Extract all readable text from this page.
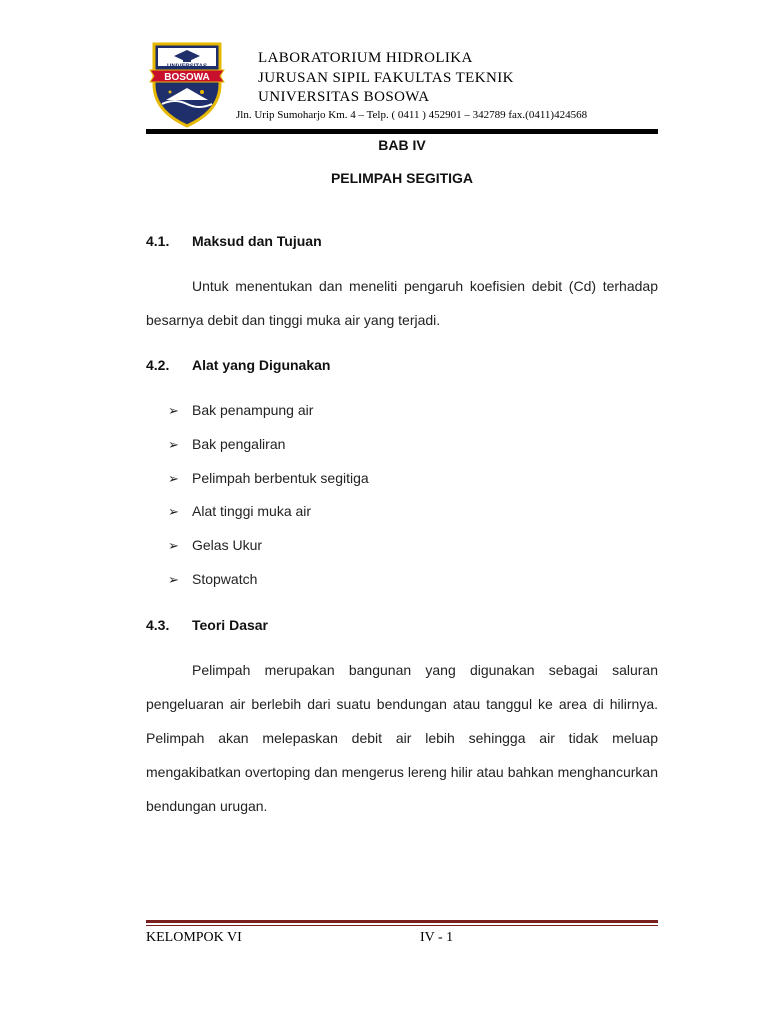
BOSOWA
UNIVERSITAS
LABORATORIUM HIDROLIKA
JURUSAN SIPIL FAKULTAS TEKNIK
UNIVERSITAS BOSOWA
Jln. Urip Sumoharjo Km. 4 – Telp. ( 0411 ) 452901 – 342789 fax.(0411)424568
BAB IV
PELIMPAH SEGITIGA
4.1. Maksud dan Tujuan
Untuk menentukan dan meneliti pengaruh koefisien debit (Cd) terhadap besarnya debit dan tinggi muka air yang terjadi.
4.2. Alat yang Digunakan
➢ Bak penampung air
➢ Bak pengaliran
➢ Pelimpah berbentuk segitiga
➢ Alat tinggi muka air
➢ Gelas Ukur
➢ Stopwatch
4.3. Teori Dasar
Pelimpah merupakan bangunan yang digunakan sebagai saluran pengeluaran air berlebih dari suatu bendungan atau tanggul ke area di hilirnya. Pelimpah akan melepaskan debit air lebih sehingga air tidak meluap mengakibatkan overtoping dan mengerus lereng hilir atau bahkan menghancurkan bendungan urugan.
KELOMPOK VI	IV - 1
